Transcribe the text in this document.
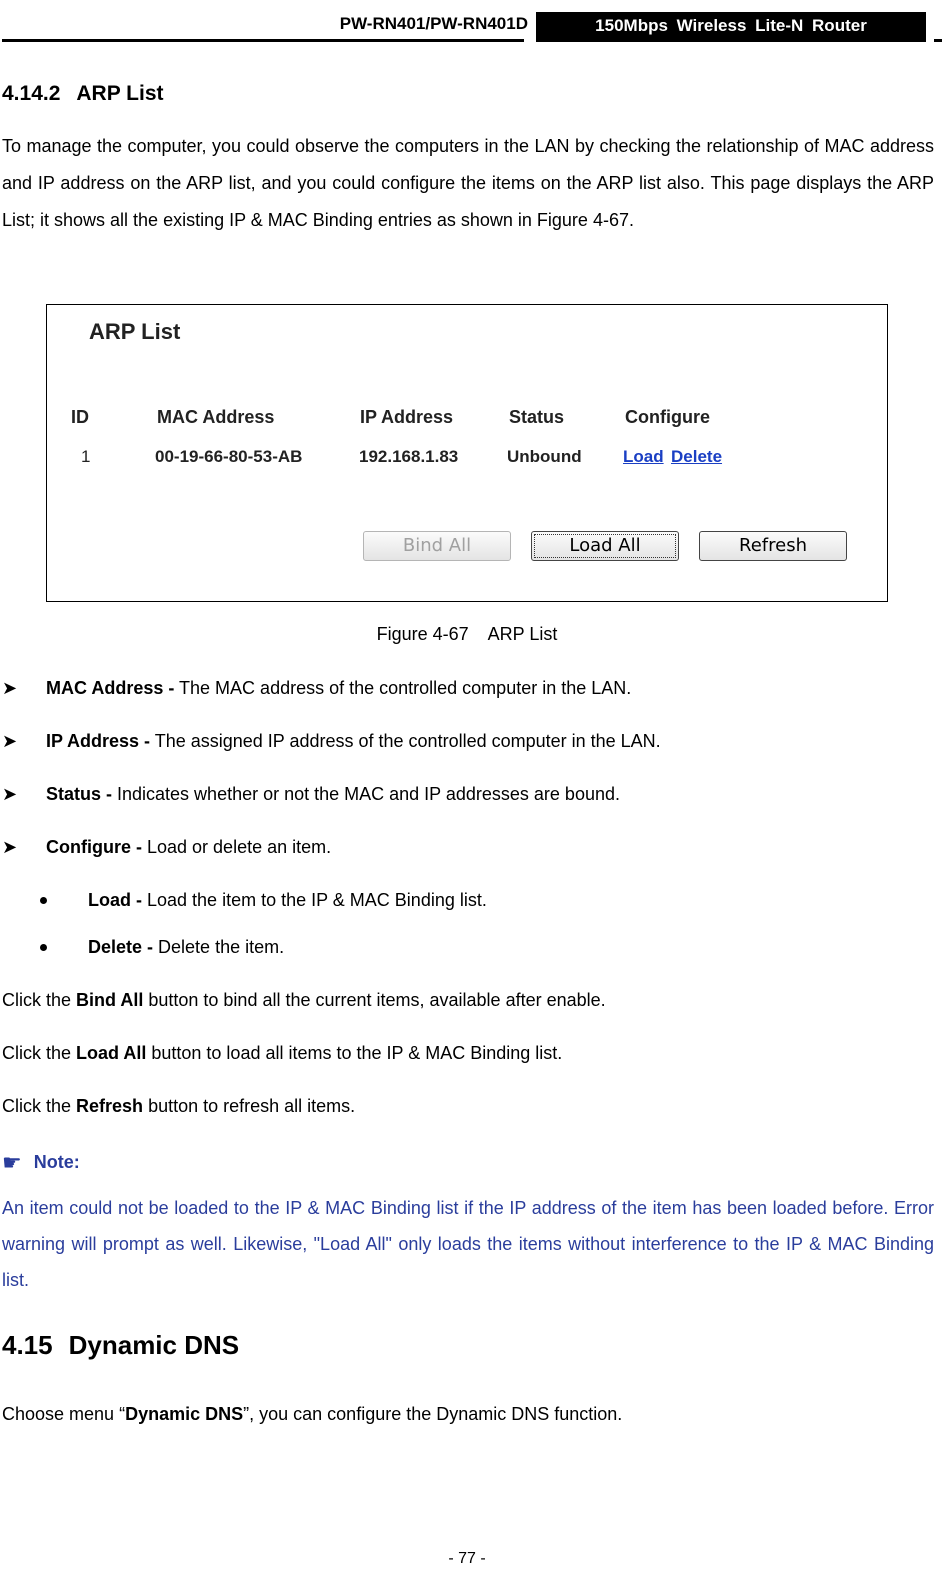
PW-RN401/PW-RN401D	150Mbps Wireless Lite-N Router
4.14.2 ARP List
To manage the computer, you could observe the computers in the LAN by checking the relationship of MAC address and IP address on the ARP list, and you could configure the items on the ARP list also. This page displays the ARP List; it shows all the existing IP & MAC Binding entries as shown in Figure 4-67.
ARP List
ID	MAC Address	IP Address	Status	Configure
1	00-19-66-80-53-AB	192.168.1.83	Unbound Load Delete
Bind All	Load All	Refresh
Figure 4-67    ARP List
➤ MAC Address - The MAC address of the controlled computer in the LAN.
➤ IP Address - The assigned IP address of the controlled computer in the LAN.
➤ Status - Indicates whether or not the MAC and IP addresses are bound.
➤ Configure - Load or delete an item.
Load - Load the item to the IP & MAC Binding list.
Delete - Delete the item.
Click the Bind All button to bind all the current items, available after enable.
Click the Load All button to load all items to the IP & MAC Binding list.
Click the Refresh button to refresh all items.
☛ Note:
An item could not be loaded to the IP & MAC Binding list if the IP address of the item has been loaded before. Error warning will prompt as well. Likewise, "Load All" only loads the items without interference to the IP & MAC Binding list.
4.15 Dynamic DNS
Choose menu “Dynamic DNS”, you can configure the Dynamic DNS function.
- 77 -
